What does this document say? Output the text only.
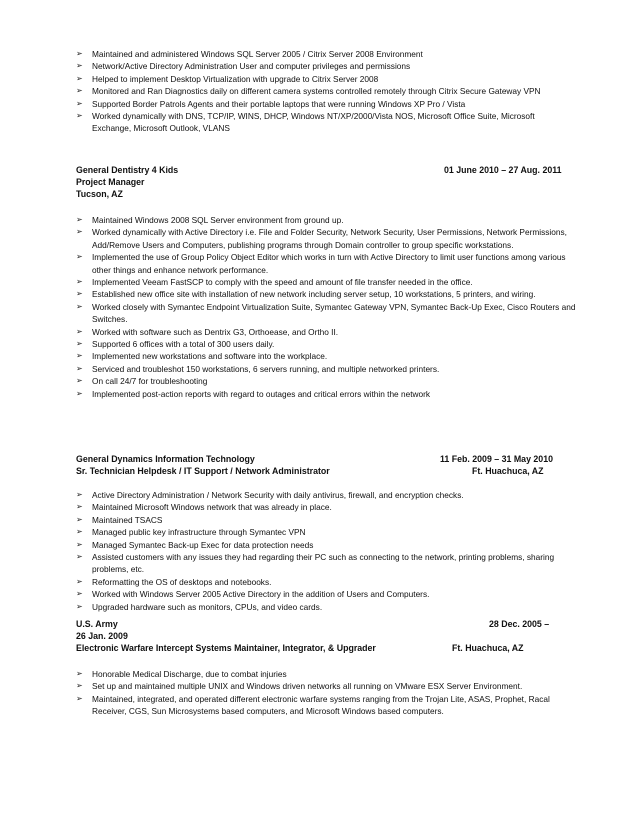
➢ Maintained and administered Windows SQL Server 2005 / Citrix Server 2008 Environment
➢ Network/Active Directory Administration User and computer privileges and permissions
➢ Helped to implement Desktop Virtualization with upgrade to Citrix Server 2008
➢ Monitored and Ran Diagnostics daily on different camera systems controlled remotely through Citrix Secure Gateway VPN
➢ Supported Border Patrols Agents and their portable laptops that were running Windows XP Pro / Vista
➢ Worked dynamically with DNS, TCP/IP, WINS, DHCP, Windows NT/XP/2000/Vista NOS, Microsoft Office Suite, Microsoft Exchange, Microsoft Outlook, VLANS
General Dentistry 4 Kids	01 June 2010 – 27 Aug. 2011
Project Manager
Tucson, AZ
➢ Maintained Windows 2008 SQL Server environment from ground up.
➢ Worked dynamically with Active Directory i.e. File and Folder Security, Network Security, User Permissions, Network Permissions, Add/Remove Users and Computers, publishing programs through Domain controller to group specific workstations.
➢ Implemented the use of Group Policy Object Editor which works in turn with Active Directory to limit user functions among various other things and enhance network performance.
➢ Implemented Veeam FastSCP to comply with the speed and amount of file transfer needed in the office.
➢ Established new office site with installation of new network including server setup, 10 workstations, 5 printers, and wiring.
➢ Worked closely with Symantec Endpoint Virtualization Suite, Symantec Gateway VPN, Symantec Back-Up Exec, Cisco Routers and Switches.
➢ Worked with software such as Dentrix G3, Orthoease, and Ortho II.
➢ Supported 6 offices with a total of 300 users daily.
➢ Implemented new workstations and software into the workplace.
➢ Serviced and troubleshot 150 workstations, 6 servers running, and multiple networked printers.
➢ On call 24/7 for troubleshooting
➢ Implemented post-action reports with regard to outages and critical errors within the network
General Dynamics Information Technology	11 Feb. 2009 – 31 May 2010
Sr. Technician Helpdesk / IT Support / Network Administrator	Ft. Huachuca, AZ
➢ Active Directory Administration / Network Security with daily antivirus, firewall, and encryption checks.
➢ Maintained Microsoft Windows network that was already in place.
➢ Maintained TSACS
➢ Managed public key infrastructure through Symantec VPN
➢ Managed Symantec Back-up Exec for data protection needs
➢ Assisted customers with any issues they had regarding their PC such as connecting to the network, printing problems, sharing problems, etc.
➢ Reformatting the OS of desktops and notebooks.
➢ Worked with Windows Server 2005 Active Directory in the addition of Users and Computers.
➢ Upgraded hardware such as monitors, CPUs, and video cards.
U.S. Army	28 Dec. 2005 –
26 Jan. 2009
Electronic Warfare Intercept Systems Maintainer, Integrator, & Upgrader	Ft. Huachuca, AZ
➢ Honorable Medical Discharge, due to combat injuries
➢ Set up and maintained multiple UNIX and Windows driven networks all running on VMware ESX Server Environment.
➢ Maintained, integrated, and operated different electronic warfare systems ranging from the Trojan Lite, ASAS, Prophet, Racal Receiver, CGS, Sun Microsystems based computers, and Microsoft Windows based computers.
